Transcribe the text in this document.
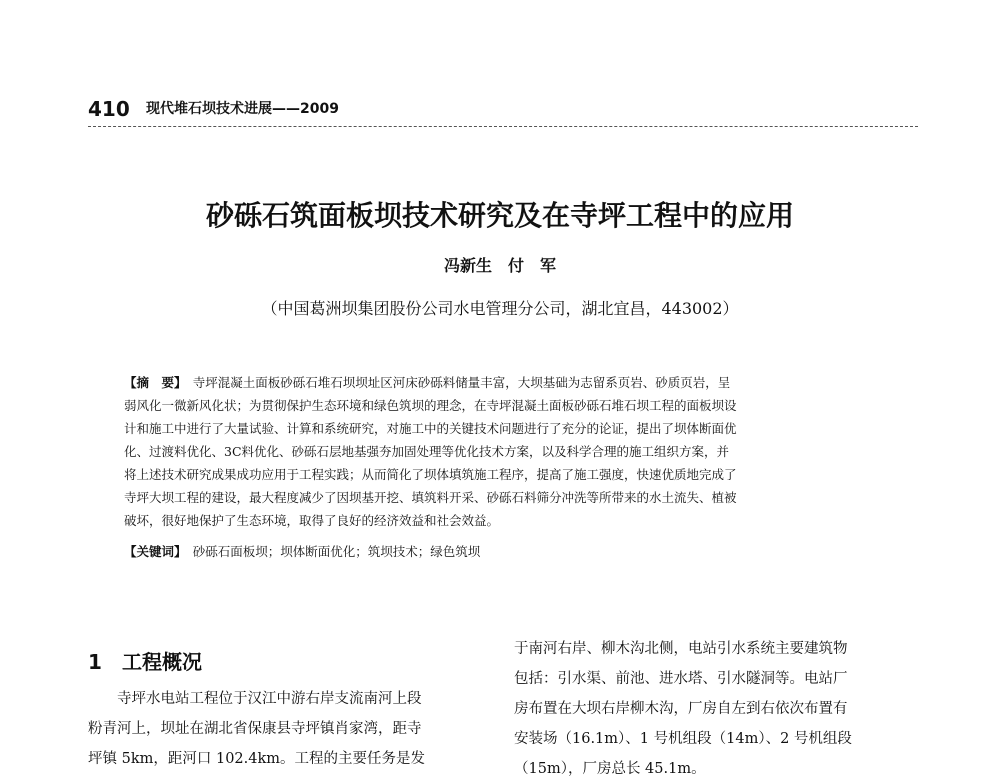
410 现代堆石坝技术进展——2009
砂砾石筑面板坝技术研究及在寺坪工程中的应用
冯新生　付　军
（中国葛洲坝集团股份公司水电管理分公司，湖北宜昌，443002）
【摘　要】　 寺坪混凝土面板砂砾石堆石坝坝址区河床砂砾料储量丰富，大坝基础为志留系页岩、砂质页岩，呈
弱风化一微新风化状；为贯彻保护生态环境和绿色筑坝的理念，在寺坪混凝土面板砂砾石堆石坝工程的面板坝设
计和施工中进行了大量试验、计算和系统研究，对施工中的关键技术问题进行了充分的论证，提出了坝体断面优
化、过渡料优化、3C料优化、砂砾石层地基强夯加固处理等优化技术方案，以及科学合理的施工组织方案，并
将上述技术研究成果成功应用于工程实践；从而简化了坝体填筑施工程序，提高了施工强度，快速优质地完成了
寺坪大坝工程的建设，最大程度减少了因坝基开挖、填筑料开采、砂砾石料筛分冲洗等所带来的水土流失、植被
破坏，很好地保护了生态环境，取得了良好的经济效益和社会效益。
【关键词】　 砂砾石面板坝；坝体断面优化；筑坝技术；绿色筑坝
1 工程概况
　　寺坪水电站工程位于汉江中游右岸支流南河上段
粉青河上，坝址在湖北省保康县寺坪镇肖家湾，距寺
坪镇 5km，距河口 102.4km。工程的主要任务是发
于南河右岸、柳木沟北侧，电站引水系统主要建筑物
包括：引水渠、前池、进水塔、引水隧洞等。电站厂
房布置在大坝右岸柳木沟，厂房自左到右依次布置有
安装场（16.1m）、1 号机组段（14m）、2 号机组段
（15m），厂房总长 45.1m。
